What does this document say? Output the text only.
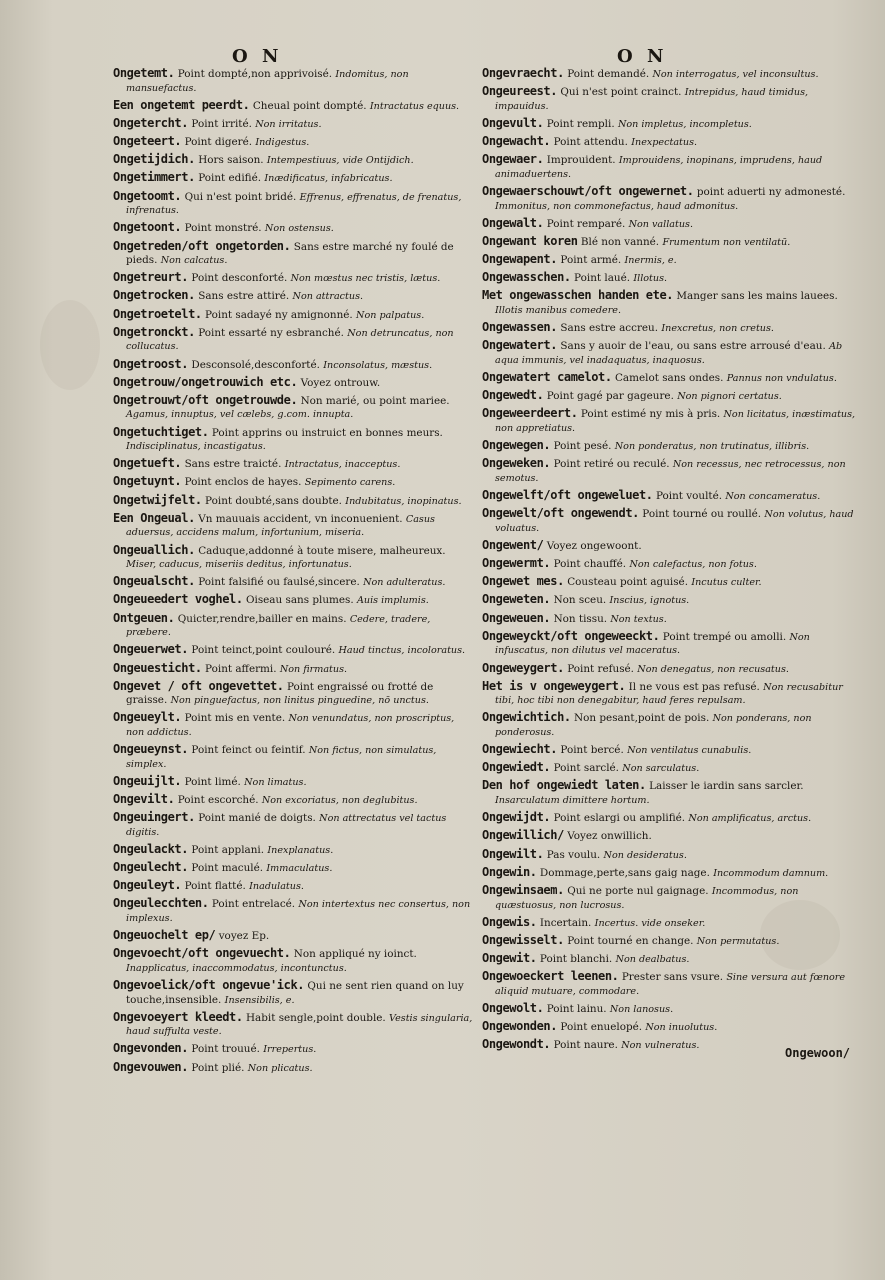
O N	O N
Ongetemt. Point dompté,non apprivoisé. Indomitus, non mansuefactus.
Een ongetemt peerdt. Cheual point dompté. Intractatus equus.
Ongetercht. Point irrité. Non irritatus.
Ongeteert. Point digeré. Indigestus.
Ongetijdich. Hors saison. Intempestiuus, vide Ontijdich.
Ongetimmert. Point edifié. Inædificatus, infabricatus.
Ongetoomt. Qui n'est point bridé. Effrenus, effrenatus, de frenatus, infrenatus.
Ongetoont. Point monstré. Non ostensus.
Ongetreden/oft ongetorden. Sans estre marché ny foulé de pieds. Non calcatus.
Ongetreurt. Point desconforté. Non mœstus nec tristis, lætus.
Ongetrocken. Sans estre attiré. Non attractus.
Ongetroetelt. Point sadayé ny amignonné. Non palpatus.
Ongetronckt. Point essarté ny esbranché. Non detruncatus, non collucatus.
Ongetroost. Desconsolé,desconforté. Inconsolatus, mæstus.
Ongetrouw/ongetrouwich etc. Voyez ontrouw.
Ongetrouwt/oft ongetrouwde. Non marié, ou point mariee. Agamus, innuptus, vel cælebs, g.com. innupta.
Ongetuchtiget. Point apprins ou instruict en bonnes meurs. Indisciplinatus, incastigatus.
Ongetueft. Sans estre traicté. Intractatus, inacceptus.
Ongetuynt. Point enclos de hayes. Sepimento carens.
Ongetwijfelt. Point doubté,sans doubte. Indubitatus, inopinatus.
Een Ongeual. Vn mauuais accident, vn inconuenient. Casus aduersus, accidens malum, infortunium, miseria.
Ongeuallich. Caduque,addonné à toute misere, malheureux. Miser, caducus, miseriis deditus, infortunatus.
Ongeualscht. Point falsifié ou faulsé,sincere. Non adulteratus.
Ongeueedert voghel. Oiseau sans plumes. Auis implumis.
Ontgeuen. Quicter,rendre,bailler en mains. Cedere, tradere, præbere.
Ongeuerwet. Point teinct,point coulouré. Haud tinctus, incoloratus.
Ongeuesticht. Point affermi. Non firmatus.
Ongevet / oft ongevettet. Point engraissé ou frotté de graisse. Non pinguefactus, non linitus pinguedine, nō unctus.
Ongeueylt. Point mis en vente. Non venundatus, non proscriptus, non addictus.
Ongeueynst. Point feinct ou feintif. Non fictus, non simulatus, simplex.
Ongeuijlt. Point limé. Non limatus.
Ongevilt. Point escorché. Non excoriatus, non deglubitus.
Ongeuingert. Point manié de doigts. Non attrectatus vel tactus digitis.
Ongeulackt. Point applani. Inexplanatus.
Ongeulecht. Point maculé. Immaculatus.
Ongeuleyt. Point flatté. Inadulatus.
Ongeulecchten. Point entrelacé. Non intertextus nec consertus, non implexus.
Ongeuochelt ep/ voyez Ep.
Ongevoecht/oft ongevuecht. Non appliqué ny ioinct. Inapplicatus, inaccommodatus, incontunctus.
Ongevoelick/oft ongevue'ick. Qui ne sent rien quand on luy touche,insensible. Insensibilis, e.
Ongevoeyert kleedt. Habit sengle,point double. Vestis singularia, haud suffulta veste.
Ongevonden. Point trouué. Irrepertus.
Ongevouwen. Point plié. Non plicatus.
Ongevraecht. Point demandé. Non interrogatus, vel inconsultus.
Ongeureest. Qui n'est point crainct. Intrepidus, haud timidus, impauidus.
Ongevult. Point rempli. Non impletus, incompletus.
Ongewacht. Point attendu. Inexpectatus.
Ongewaer. Improuident. Improuidens, inopinans, imprudens, haud animaduertens.
Ongewaerschouwt/oft ongewernet. point aduerti ny admonesté. Immonitus, non commonefactus, haud admonitus.
Ongewalt. Point remparé. Non vallatus.
Ongewant koren Blé non vanné. Frumentum non ventilatū.
Ongewapent. Point armé. Inermis, e.
Ongewasschen. Point laué. Illotus.
Met ongewasschen handen ete. Manger sans les mains lauees. Illotis manibus comedere.
Ongewassen. Sans estre accreu. Inexcretus, non cretus.
Ongewatert. Sans y auoir de l'eau, ou sans estre arrousé d'eau. Ab aqua immunis, vel inadaquatus, inaquosus.
Ongewatert camelot. Camelot sans ondes. Pannus non vndulatus.
Ongewedt. Point gagé par gageure. Non pignori certatus.
Ongeweerdeert. Point estimé ny mis à pris. Non licitatus, inæstimatus, non appretiatus.
Ongewegen. Point pesé. Non ponderatus, non trutinatus, illibris.
Ongeweken. Point retiré ou reculé. Non recessus, nec retrocessus, non semotus.
Ongewelft/oft ongeweluet. Point voulté. Non concameratus.
Ongewelt/oft ongewendt. Point tourné ou roullé. Non volutus, haud voluatus.
Ongewent/ Voyez ongewoont.
Ongewermt. Point chauffé. Non calefactus, non fotus.
Ongewet mes. Cousteau point aguisé. Incutus culter.
Ongeweten. Non sceu. Inscius, ignotus.
Ongeweuen. Non tissu. Non textus.
Ongeweyckt/oft ongeweeckt. Point trempé ou amolli. Non infuscatus, non dilutus vel maceratus.
Ongeweygert. Point refusé. Non denegatus, non recusatus.
Het is v ongeweygert. Il ne vous est pas refusé. Non recusabitur tibi, hoc tibi non denegabitur, haud feres repulsam.
Ongewichtich. Non pesant,point de pois. Non ponderans, non ponderosus.
Ongewiecht. Point bercé. Non ventilatus cunabulis.
Ongewiedt. Point sarclé. Non sarculatus.
Den hof ongewiedt laten. Laisser le iardin sans sarcler. Insarculatum dimittere hortum.
Ongewijdt. Point eslargi ou amplifié. Non amplificatus, arctus.
Ongewillich/ Voyez onwillich.
Ongewilt. Pas voulu. Non desideratus.
Ongewin. Dommage,perte,sans gaig nage. Incommodum damnum.
Ongewinsaem. Qui ne porte nul gaignage. Incommodus, non quæstuosus, non lucrosus.
Ongewis. Incertain. Incertus. vide onseker.
Ongewisselt. Point tourné en change. Non permutatus.
Ongewit. Point blanchi. Non dealbatus.
Ongewoeckert leenen. Prester sans vsure. Sine versura aut fœnore aliquid mutuare, commodare.
Ongewolt. Point lainu. Non lanosus.
Ongewonden. Point enuelopé. Non inuolutus.
Ongewondt. Point naure. Non vulneratus.
Ongewoon/
